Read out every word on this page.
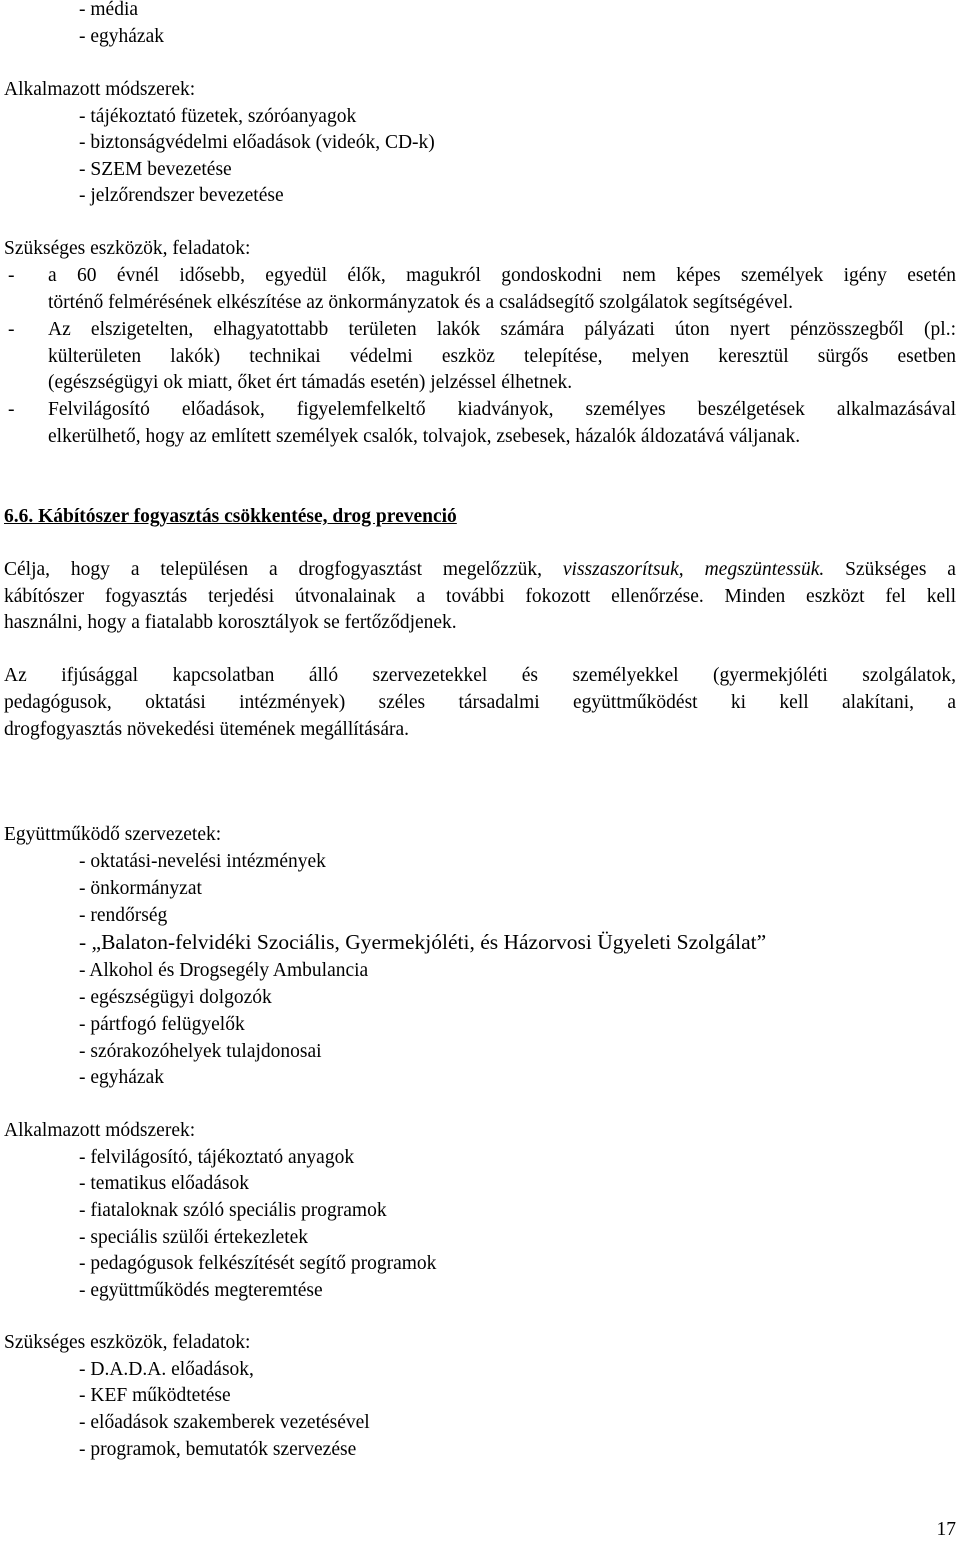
- média
- egyházak
Alkalmazott módszerek:
- tájékoztató füzetek, szóróanyagok
- biztonságvédelmi előadások (videók, CD-k)
- SZEM bevezetése
- jelzőrendszer bevezetése
Szükséges eszközök, feladatok:
- a 60 évnél idősebb, egyedül élők, magukról gondoskodni nem képes személyek igény esetén
történő felmérésének elkészítése az önkormányzatok és a családsegítő szolgálatok segítségével.
- Az elszigetelten, elhagyatottabb területen lakók számára pályázati úton nyert pénzösszegből (pl.:
külterületen lakók) technikai védelmi eszköz telepítése, melyen keresztül sürgős esetben
(egészségügyi ok miatt, őket ért támadás esetén) jelzéssel élhetnek.
- Felvilágosító előadások, figyelemfelkeltő kiadványok, személyes beszélgetések alkalmazásával
elkerülhető, hogy az említett személyek csalók, tolvajok, zsebesek, házalók áldozatává váljanak.
6.6. Kábítószer fogyasztás csökkentése, drog prevenció
Célja, hogy a településen a drogfogyasztást megelőzzük, visszaszorítsuk, megszüntessük. Szükséges a
kábítószer fogyasztás terjedési útvonalainak a további fokozott ellenőrzése. Minden eszközt fel kell
használni, hogy a fiatalabb korosztályok se fertőződjenek.
Az ifjúsággal kapcsolatban álló szervezetekkel és személyekkel (gyermekjóléti szolgálatok,
pedagógusok, oktatási intézmények) széles társadalmi együttműködést ki kell alakítani, a
drogfogyasztás növekedési ütemének megállítására.
Együttműködő szervezetek:
- oktatási-nevelési intézmények
- önkormányzat
- rendőrség
- „Balaton-felvidéki Szociális, Gyermekjóléti, és Házorvosi Ügyeleti Szolgálat”
- Alkohol és Drogsegély Ambulancia
- egészségügyi dolgozók
- pártfogó felügyelők
- szórakozóhelyek tulajdonosai
- egyházak
Alkalmazott módszerek:
- felvilágosító, tájékoztató anyagok
- tematikus előadások
- fiataloknak szóló speciális programok
- speciális szülői értekezletek
- pedagógusok felkészítését segítő programok
- együttműködés megteremtése
Szükséges eszközök, feladatok:
- D.A.D.A. előadások,
- KEF működtetése
- előadások szakemberek vezetésével
- programok, bemutatók szervezése
17
